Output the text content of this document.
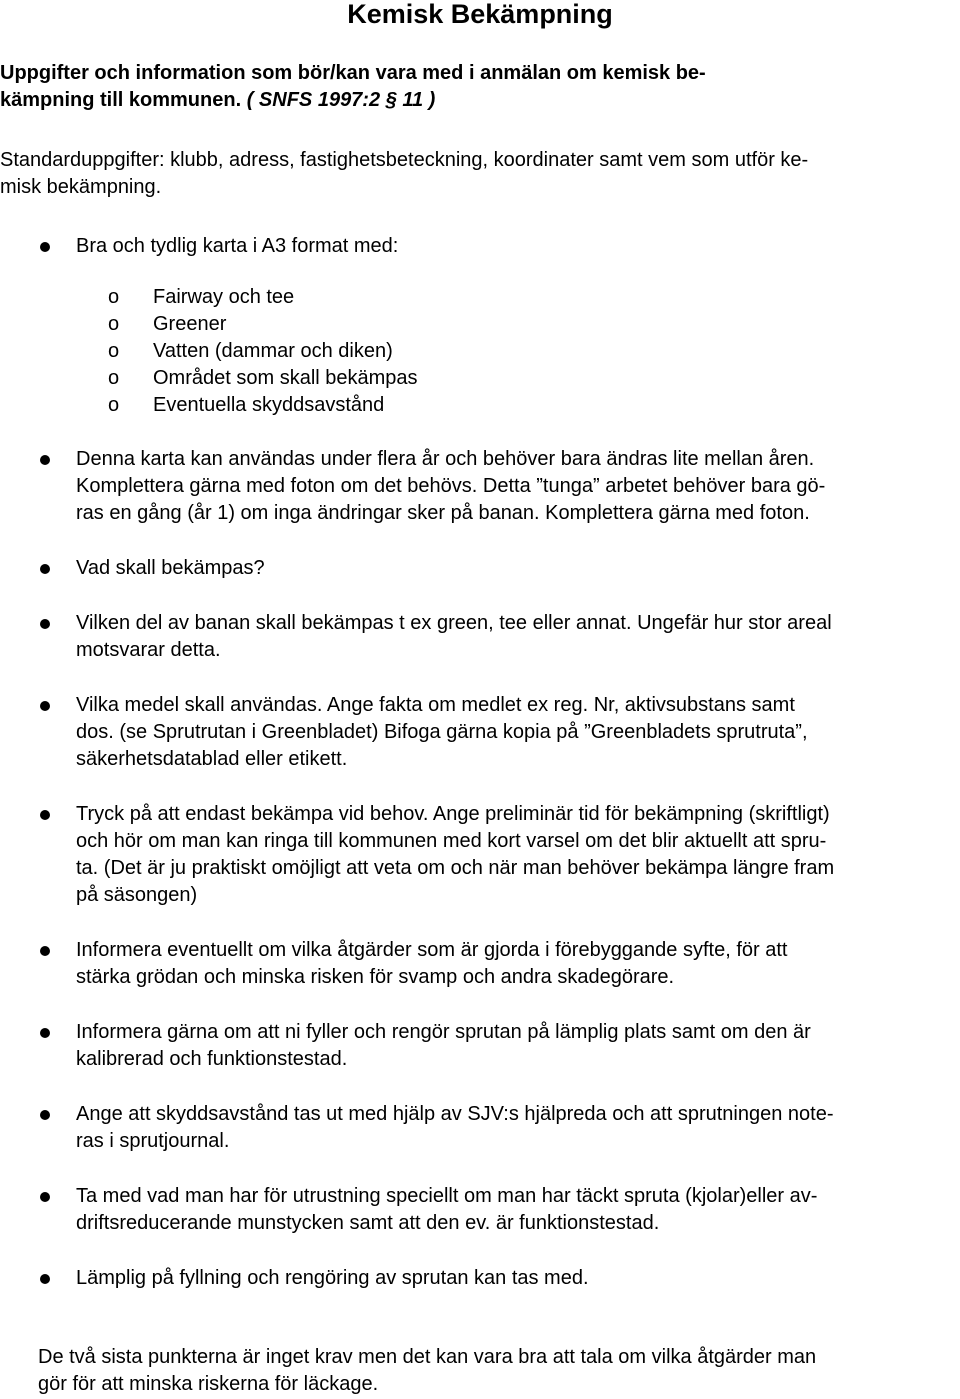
Kemisk Bekämpning
Uppgifter och information som bör/kan vara med i anmälan om kemisk be-
kämpning till kommunen. ( SNFS 1997:2 § 11 )
Standarduppgifter: klubb, adress, fastighetsbeteckning, koordinater samt vem som utför ke-
misk bekämpning.
Bra och tydlig karta i A3 format med:
o Fairway och tee
o Greener
o Vatten (dammar och diken)
o Området som skall bekämpas
o Eventuella skyddsavstånd
Denna karta kan användas under flera år och behöver bara ändras lite mellan åren.
Komplettera gärna med foton om det behövs. Detta ”tunga” arbetet behöver bara gö-
ras en gång (år 1) om inga ändringar sker på banan. Komplettera gärna med foton.
Vad skall bekämpas?
Vilken del av banan skall bekämpas t ex green, tee eller annat. Ungefär hur stor areal
motsvarar detta.
Vilka medel skall användas. Ange fakta om medlet ex reg. Nr, aktivsubstans samt
dos. (se Sprutrutan i Greenbladet) Bifoga gärna kopia på ”Greenbladets sprutruta”,
säkerhetsdatablad eller etikett.
Tryck på att endast bekämpa vid behov. Ange preliminär tid för bekämpning (skriftligt)
och hör om man kan ringa till kommunen med kort varsel om det blir aktuellt att spru-
ta. (Det är ju praktiskt omöjligt att veta om och när man behöver bekämpa längre fram
på säsongen)
Informera eventuellt om vilka åtgärder som är gjorda i förebyggande syfte, för att
stärka grödan och minska risken för svamp och andra skadegörare.
Informera gärna om att ni fyller och rengör sprutan på lämplig plats samt om den är
kalibrerad och funktionstestad.
Ange att skyddsavstånd tas ut med hjälp av SJV:s hjälpreda och att sprutningen note-
ras i sprutjournal.
Ta med vad man har för utrustning speciellt om man har täckt spruta (kjolar)eller av-
driftsreducerande munstycken samt att den ev. är funktionstestad.
Lämplig på fyllning och rengöring av sprutan kan tas med.
De två sista punkterna är inget krav men det kan vara bra att tala om vilka åtgärder man
gör för att minska riskerna för läckage.
